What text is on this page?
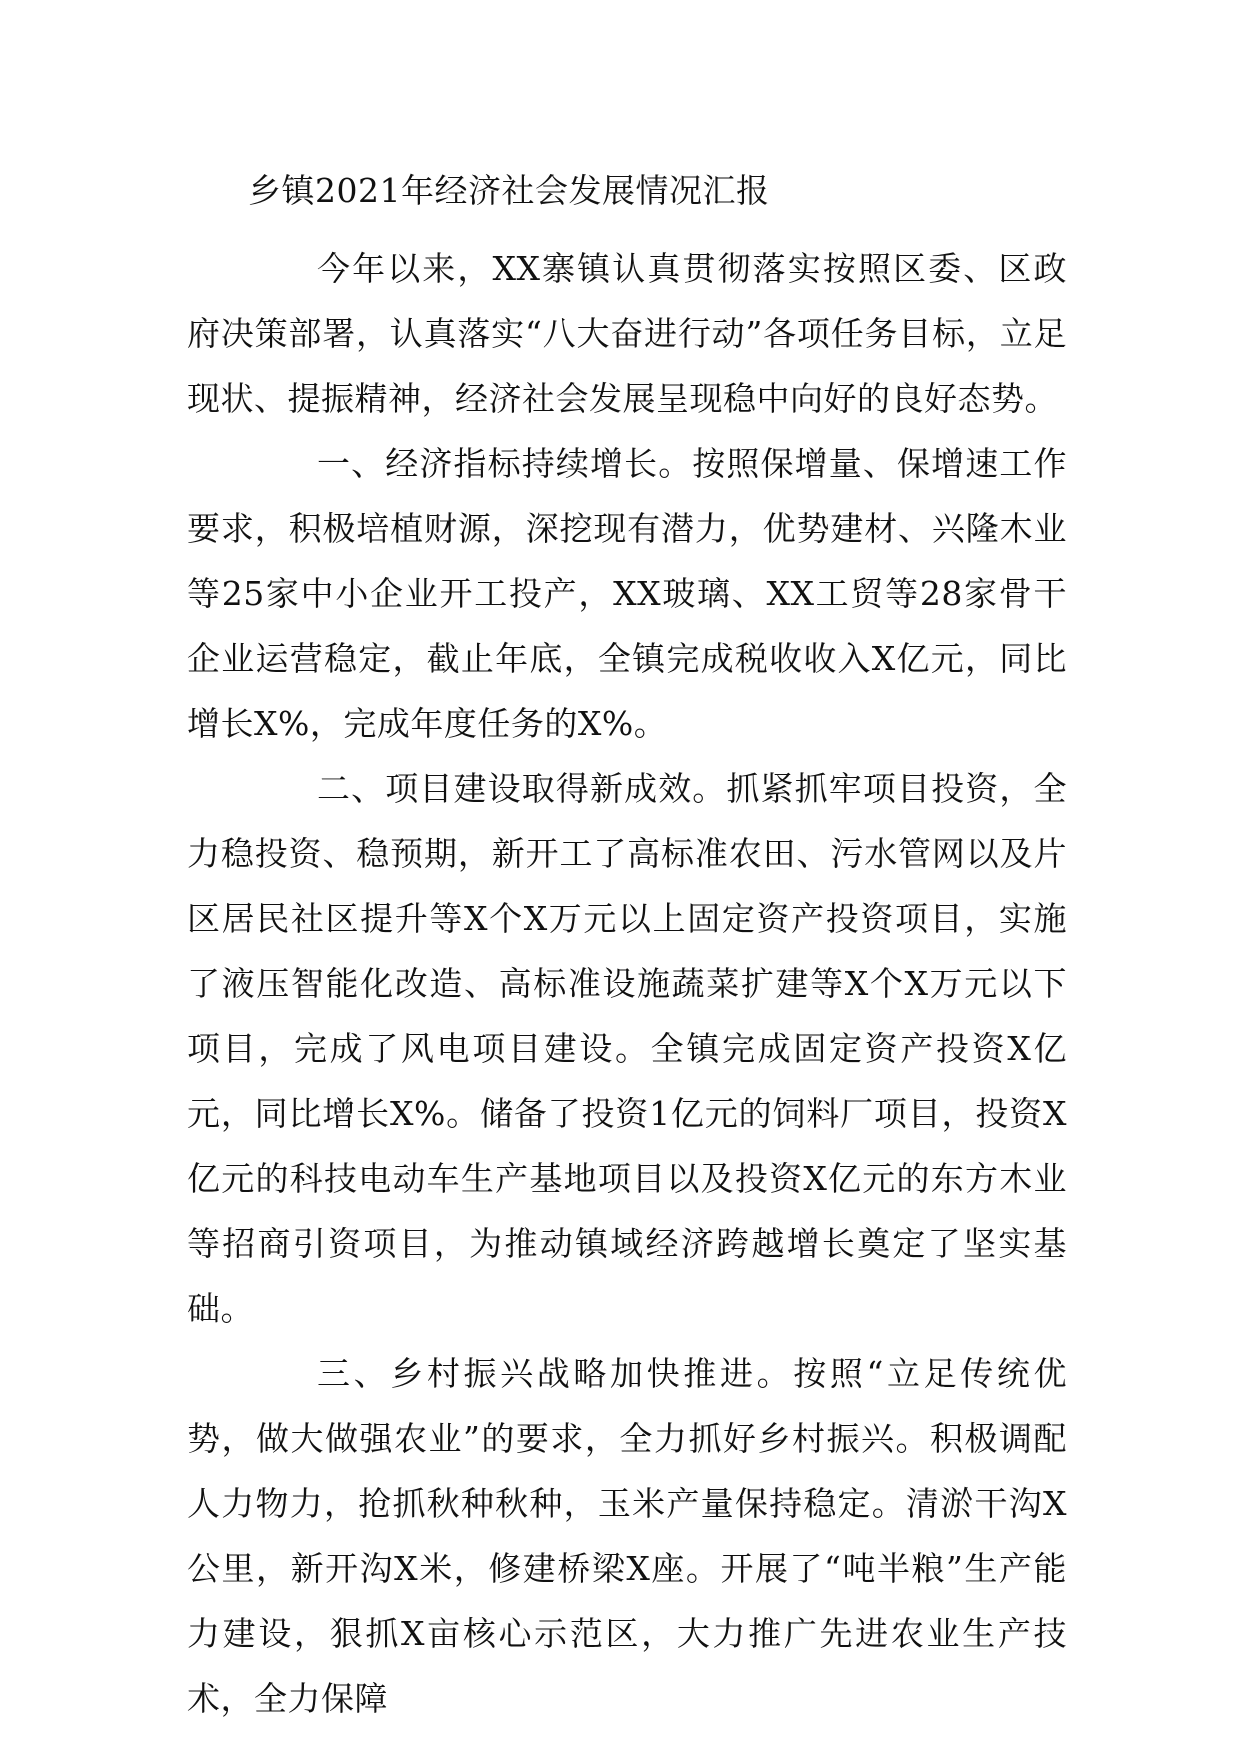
乡镇2021年经济社会发展情况汇报

今年以来，XX寨镇认真贯彻落实按照区委、区政府决策部署，认真落实“八大奋进行动”各项任务目标，立足现状、提振精神，经济社会发展呈现稳中向好的良好态势。

一、经济指标持续增长。按照保增量、保增速工作要求，积极培植财源，深挖现有潜力，优势建材、兴隆木业等25家中小企业开工投产，XX玻璃、XX工贸等28家骨干企业运营稳定，截止年底，全镇完成税收收入X亿元，同比增长X%，完成年度任务的X%。

二、项目建设取得新成效。抓紧抓牢项目投资，全力稳投资、稳预期，新开工了高标准农田、污水管网以及片区居民社区提升等X个X万元以上固定资产投资项目，实施了液压智能化改造、高标准设施蔬菜扩建等X个X万元以下项目，完成了风电项目建设。全镇完成固定资产投资X亿元，同比增长X%。储备了投资1亿元的饲料厂项目，投资X亿元的科技电动车生产基地项目以及投资X亿元的东方木业等招商引资项目，为推动镇域经济跨越增长奠定了坚实基础。

三、乡村振兴战略加快推进。按照“立足传统优势，做大做强农业”的要求，全力抓好乡村振兴。积极调配人力物力，抢抓秋种秋种，玉米产量保持稳定。清淤干沟X公里，新开沟X米，修建桥梁X座。开展了“吨半粮”生产能力建设，狠抓X亩核心示范区，大力推广先进农业生产技术，全力保障
